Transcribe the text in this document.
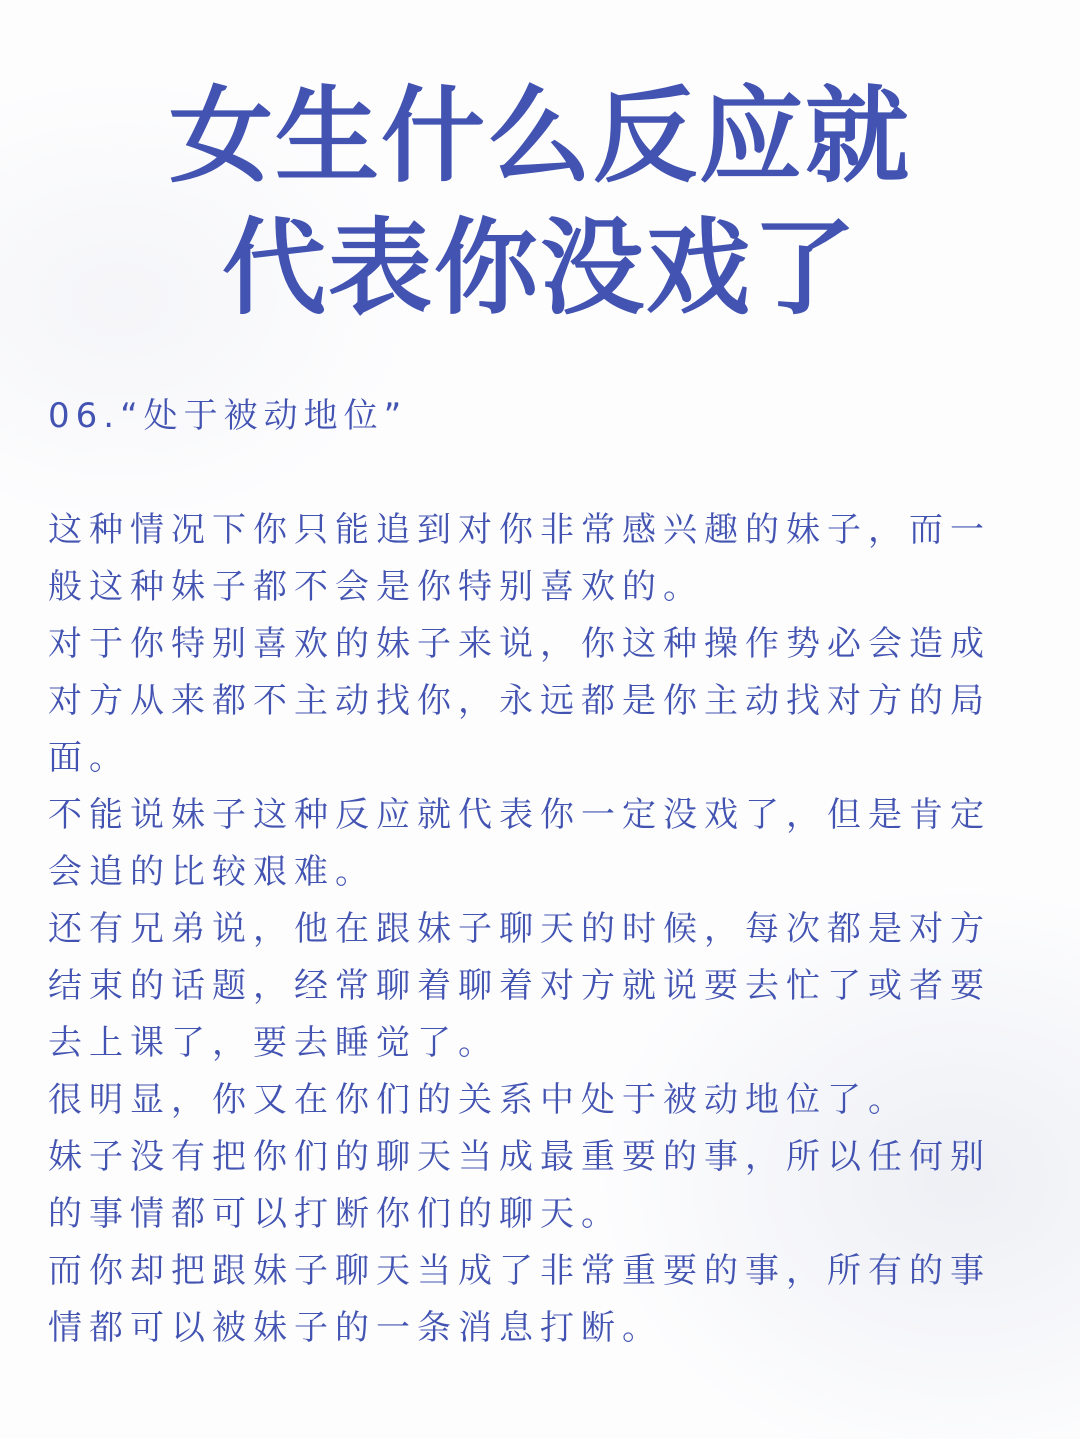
女生什么反应就
代表你没戏了
06.“处于被动地位”
这种情况下你只能追到对你非常感兴趣的妹子，而一
般这种妹子都不会是你特别喜欢的。
对于你特别喜欢的妹子来说，你这种操作势必会造成
对方从来都不主动找你，永远都是你主动找对方的局
面。
不能说妹子这种反应就代表你一定没戏了，但是肯定
会追的比较艰难。
还有兄弟说，他在跟妹子聊天的时候，每次都是对方
结束的话题，经常聊着聊着对方就说要去忙了或者要
去上课了，要去睡觉了。
很明显，你又在你们的关系中处于被动地位了。
妹子没有把你们的聊天当成最重要的事，所以任何别
的事情都可以打断你们的聊天。
而你却把跟妹子聊天当成了非常重要的事，所有的事
情都可以被妹子的一条消息打断。
